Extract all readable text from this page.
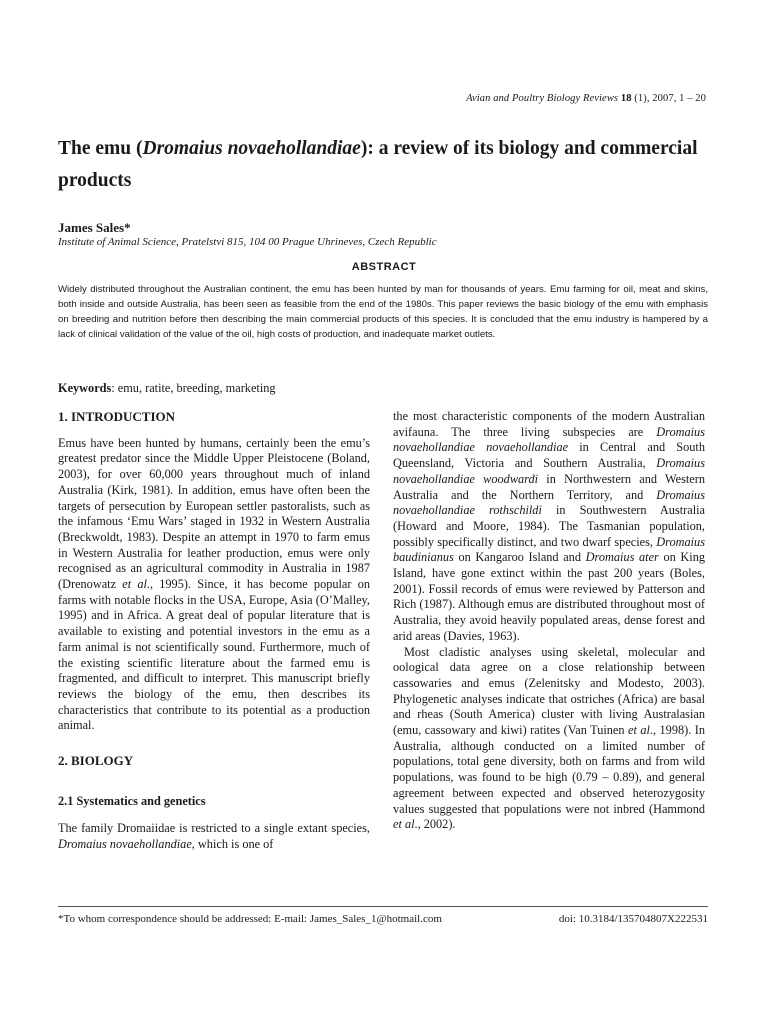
Avian and Poultry Biology Reviews 18 (1), 2007, 1 – 20
The emu (Dromaius novaehollandiae): a review of its biology and commercial products
James Sales*
Institute of Animal Science, Pratelstvi 815, 104 00 Prague Uhrineves, Czech Republic
ABSTRACT

Widely distributed throughout the Australian continent, the emu has been hunted by man for thousands of years. Emu farming for oil, meat and skins, both inside and outside Australia, has been seen as feasible from the end of the 1980s. This paper reviews the basic biology of the emu with emphasis on breeding and nutrition before then describing the main commercial products of this species. It is concluded that the emu industry is hampered by a lack of clinical validation of the value of the oil, high costs of production, and inadequate market outlets.

Keywords: emu, ratite, breeding, marketing
1. INTRODUCTION

Emus have been hunted by humans, certainly been the emu’s greatest predator since the Middle Upper Pleistocene (Boland, 2003), for over 60,000 years throughout much of inland Australia (Kirk, 1981). In addition, emus have often been the targets of persecution by European settler pastoralists, such as the infamous ‘Emu Wars’ staged in 1932 in Western Australia (Breckwoldt, 1983). Despite an attempt in 1970 to farm emus in Western Australia for leather production, emus were only recognised as an agricultural commodity in Australia in 1987 (Drenowatz et al., 1995). Since, it has become popular on farms with notable flocks in the USA, Europe, Asia (O’Malley, 1995) and in Africa. A great deal of popular literature that is available to existing and potential investors in the emu as a farm animal is not scientifically sound. Furthermore, much of the existing scientific literature about the farmed emu is fragmented, and difficult to interpret. This manuscript briefly reviews the biology of the emu, then describes its characteristics that contribute to its potential as a production animal.

2. BIOLOGY
2.1 Systematics and genetics

The family Dromaiidae is restricted to a single extant species, Dromaius novaehollandiae, which is one of

the most characteristic components of the modern Australian avifauna. The three living subspecies are Dromaius novaehollandiae novaehollandiae in Central and South Queensland, Victoria and Southern Australia, Dromaius novaehollandiae woodwardi in Northwestern and Western Australia and the Northern Territory, and Dromaius novaehollandiae rothschildi in Southwestern Australia (Howard and Moore, 1984). The Tasmanian population, possibly specifically distinct, and two dwarf species, Dromaius baudinianus on Kangaroo Island and Dromaius ater on King Island, have gone extinct within the past 200 years (Boles, 2001). Fossil records of emus were reviewed by Patterson and Rich (1987). Although emus are distributed throughout most of Australia, they avoid heavily populated areas, dense forest and arid areas (Davies, 1963).

Most cladistic analyses using skeletal, molecular and oological data agree on a close relationship between cassowaries and emus (Zelenitsky and Modesto, 2003). Phylogenetic analyses indicate that ostriches (Africa) are basal and rheas (South America) cluster with living Australasian (emu, cassowary and kiwi) ratites (Van Tuinen et al., 1998). In Australia, although conducted on a limited number of populations, total gene diversity, both on farms and from wild populations, was found to be high (0.79 – 0.89), and general agreement between expected and observed heterozygosity values suggested that populations were not inbred (Hammond et al., 2002).

*To whom correspondence should be addressed: E-mail: James_Sales_1@hotmail.com	doi: 10.3184/135704807X222531
